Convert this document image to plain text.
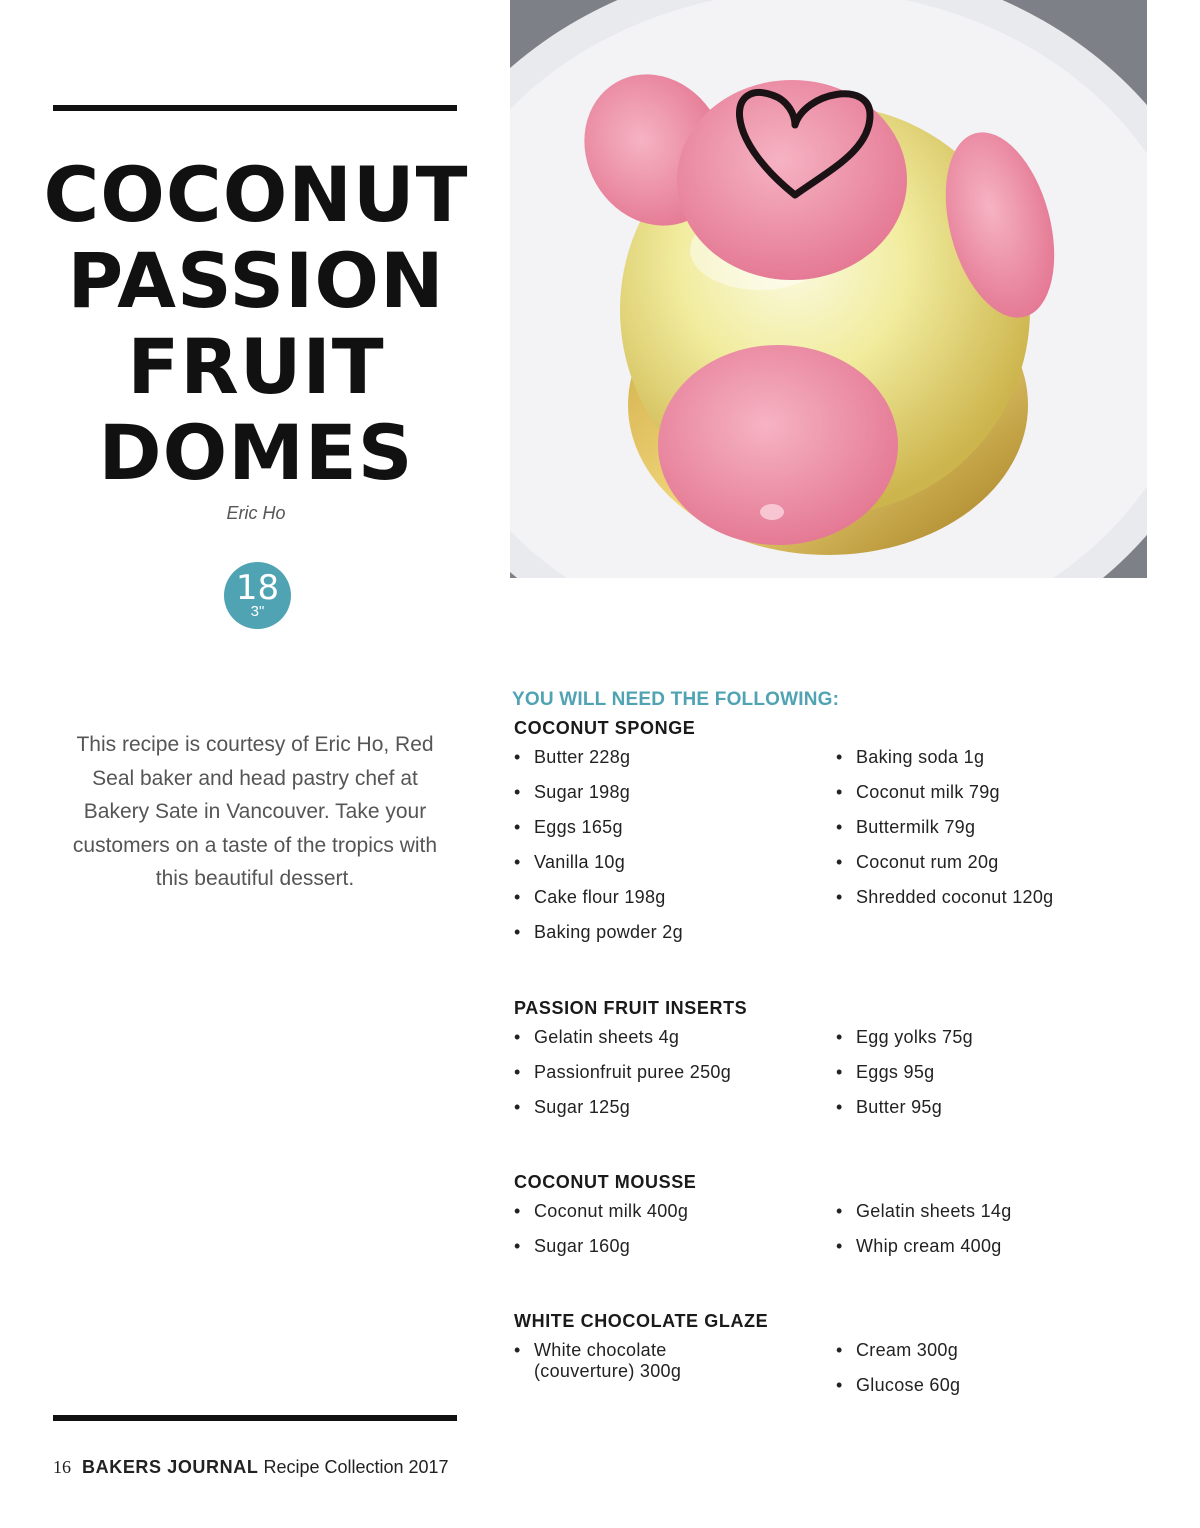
COCONUT
PASSION
FRUIT
DOMES
Eric Ho
18
3"

This recipe is courtesy of Eric Ho, Red Seal baker and head pastry chef at Bakery Sate in Vancouver. Take your customers on a taste of the tropics with this beautiful dessert.

YOU WILL NEED THE FOLLOWING:
COCONUT SPONGE
• Butter 228g
• Sugar 198g
• Eggs 165g
• Vanilla 10g
• Cake flour 198g
• Baking powder 2g
• Baking soda 1g
• Coconut milk 79g
• Buttermilk 79g
• Coconut rum 20g
• Shredded coconut 120g
PASSION FRUIT INSERTS
• Gelatin sheets 4g
• Passionfruit puree 250g
• Sugar 125g
• Egg yolks 75g
• Eggs 95g
• Butter 95g
COCONUT MOUSSE
• Coconut milk 400g
• Sugar 160g
• Gelatin sheets 14g
• Whip cream 400g
WHITE CHOCOLATE GLAZE
• White chocolate (couverture) 300g
• Cream 300g
• Glucose 60g
16 BAKERS JOURNAL Recipe Collection 2017
